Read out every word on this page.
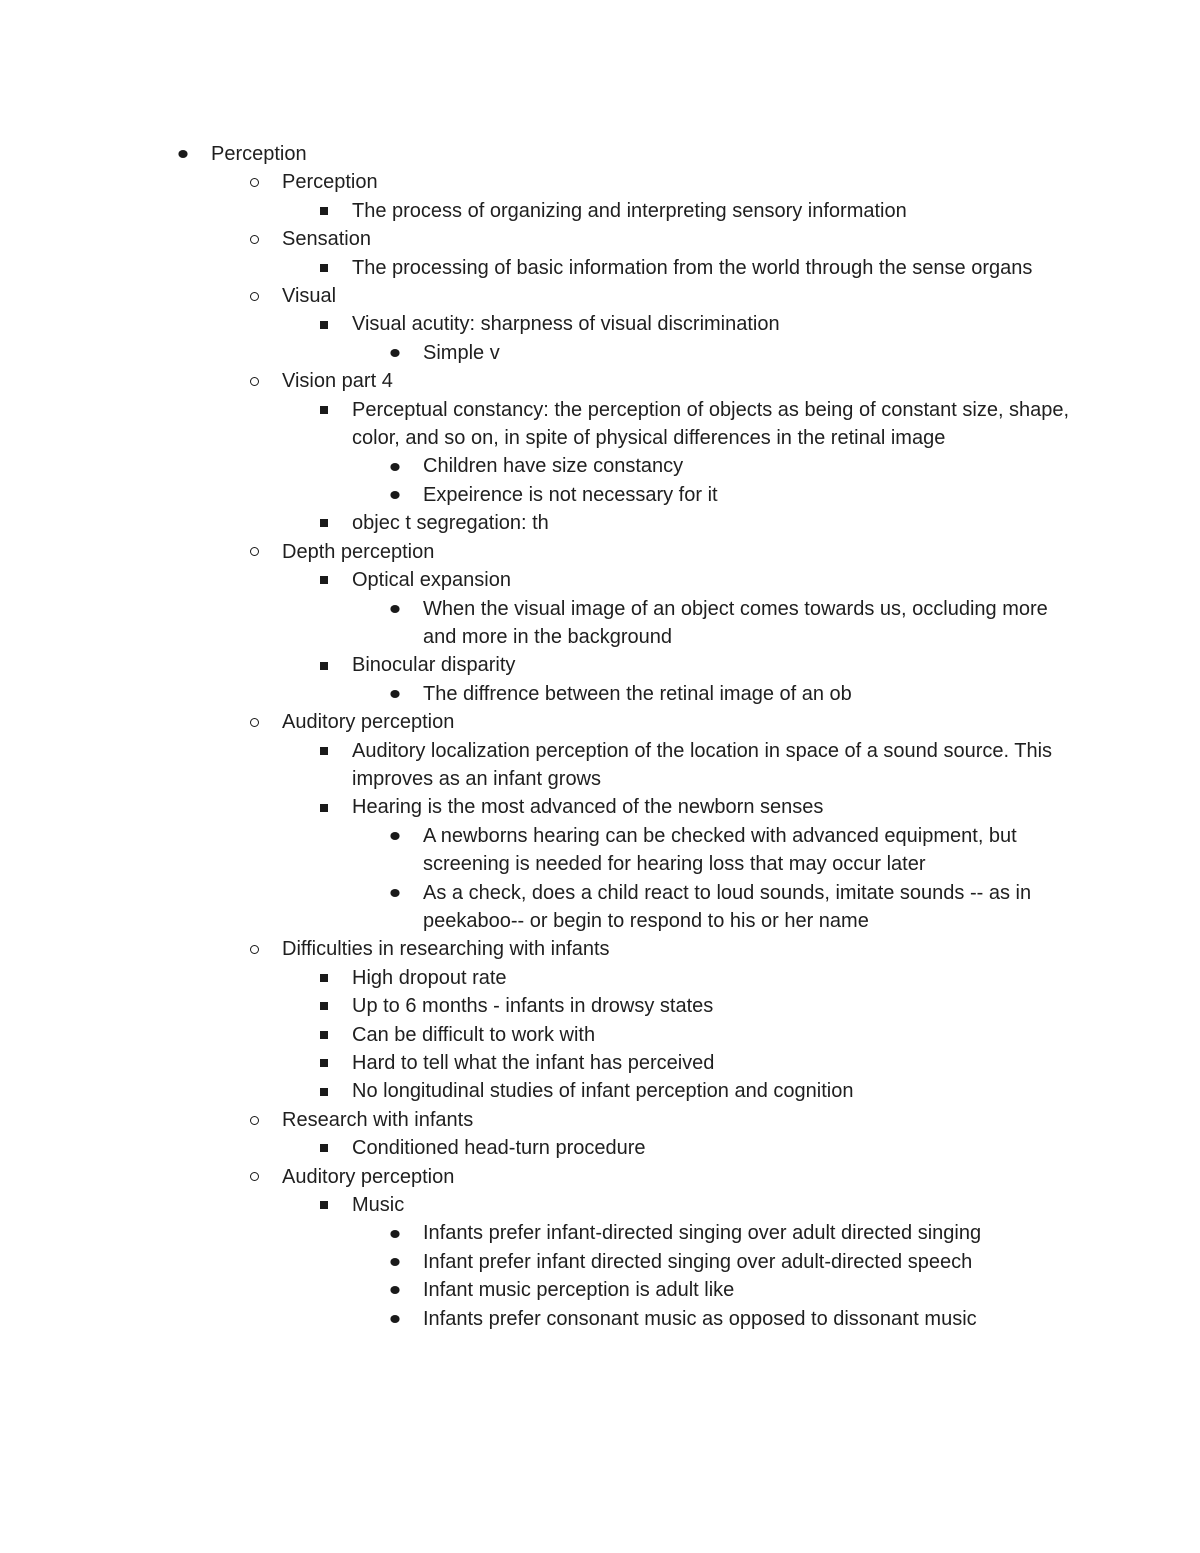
Perception
Perception
The process of organizing and interpreting sensory information
Sensation
The processing of basic information from the world through the sense organs
Visual
Visual acutity: sharpness of visual discrimination
Simple v
Vision part 4
Perceptual constancy: the perception of objects as being of constant size, shape, color, and so on, in spite of physical differences in the retinal image
Children have size constancy
Expeirence is not necessary for it
objec t segregation: th
Depth perception
Optical expansion
When the visual image of an object comes towards us, occluding more and more in the background
Binocular disparity
The diffrence between the retinal image of an ob
Auditory perception
Auditory localization perception of the location in space of a sound source. This improves as an infant grows
Hearing is the most advanced of the newborn senses
A newborns hearing can be checked with advanced equipment, but screening is needed for hearing loss that may occur later
As a check, does a child react to loud sounds, imitate sounds -- as in peekaboo-- or begin to respond to his or her name
Difficulties in researching with infants
High dropout rate
Up to 6 months - infants in drowsy states
Can be difficult to work with
Hard to tell what the infant has perceived
No longitudinal studies of infant perception and cognition
Research with infants
Conditioned head-turn procedure
Auditory perception
Music
Infants prefer infant-directed singing over adult directed singing
Infant prefer infant directed singing over adult-directed speech
Infant music perception is adult like
Infants prefer consonant music as opposed to dissonant music
